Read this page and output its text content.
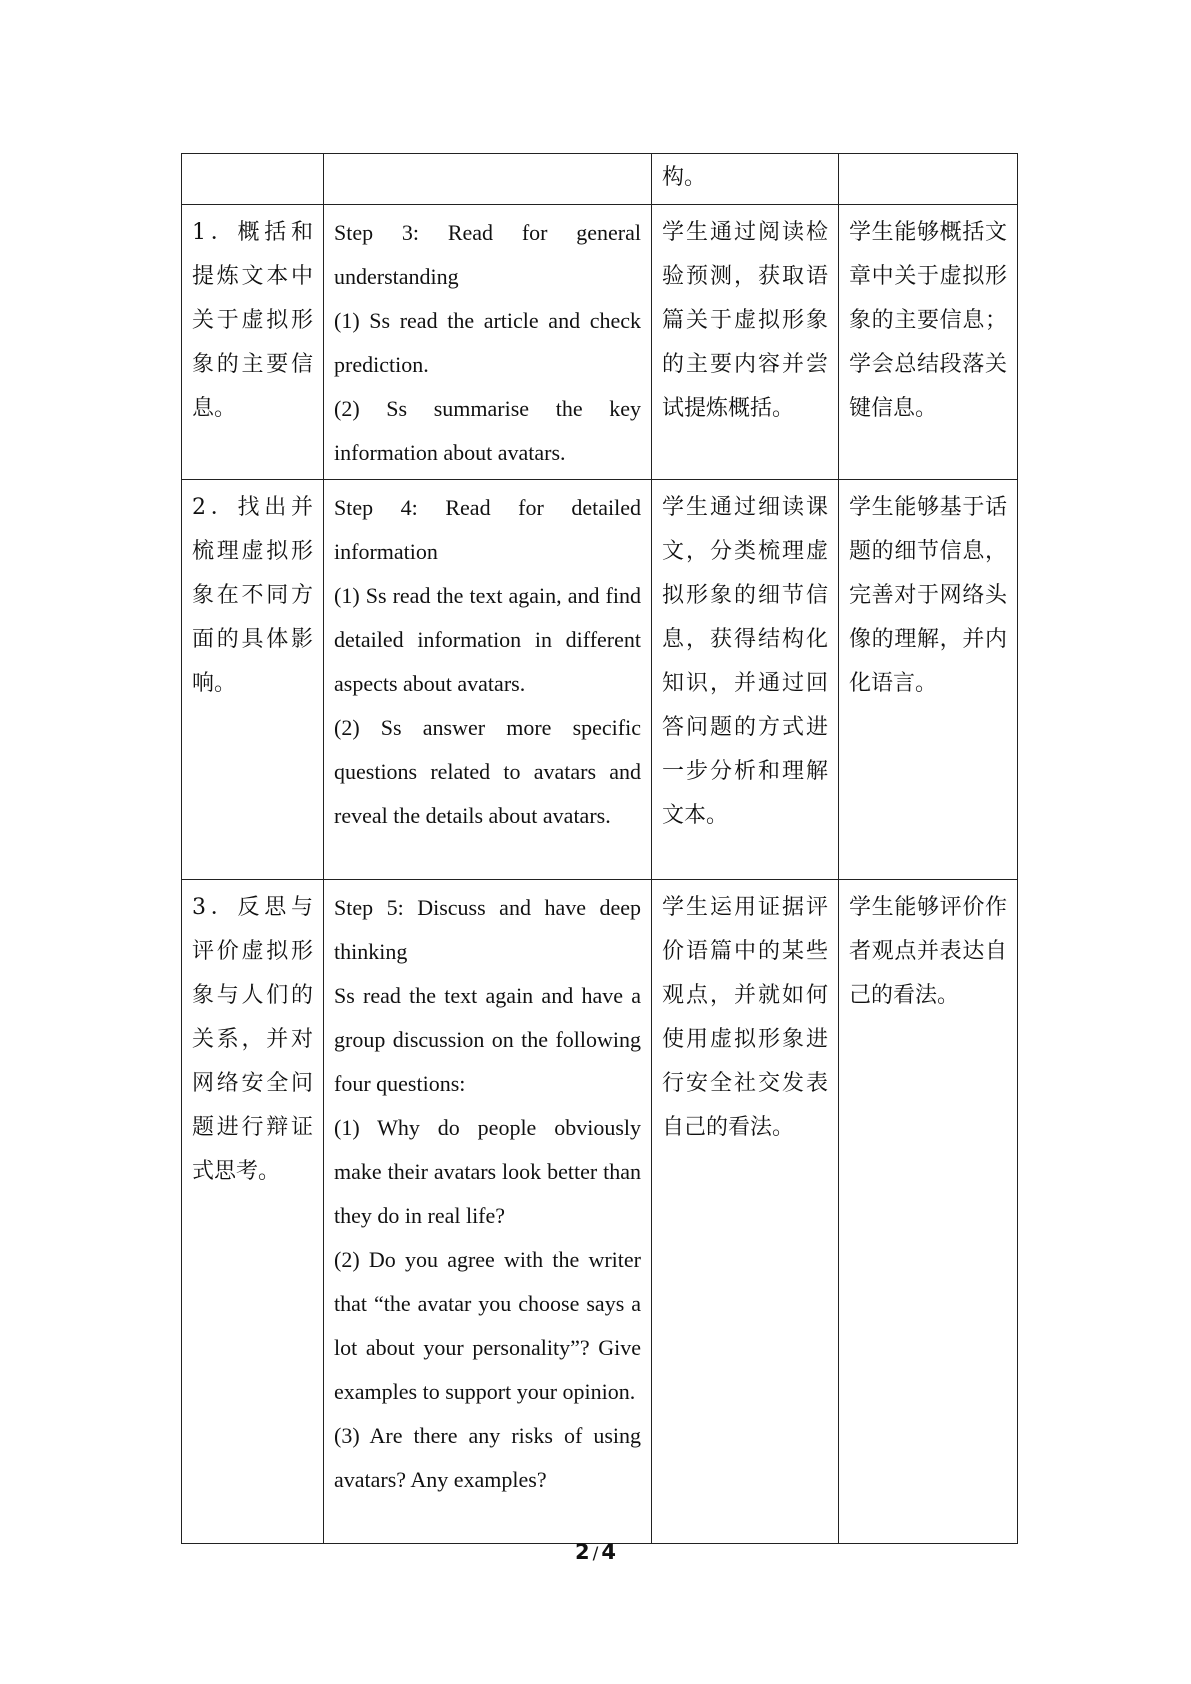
		构。	

1．概括和提炼文本中关于虚拟形象的主要信息。	Step 3: Read for general understanding
(1) Ss read the article and check prediction.
(2) Ss summarise the key information about avatars.	学生通过阅读检验预测，获取语篇关于虚拟形象的主要内容并尝试提炼概括。	学生能够概括文章中关于虚拟形象的主要信息；学会总结段落关键信息。

2．找出并梳理虚拟形象在不同方面的具体影响。	Step 4: Read for detailed information
(1) Ss read the text again, and find detailed information in different aspects about avatars.
(2) Ss answer more specific questions related to avatars and reveal the details about avatars.	学生通过细读课文，分类梳理虚拟形象的细节信息，获得结构化知识，并通过回答问题的方式进一步分析和理解文本。	学生能够基于话题的细节信息，完善对于网络头像的理解，并内化语言。

3．反思与评价虚拟形象与人们的关系，并对网络安全问题进行辩证式思考。	Step 5: Discuss and have deep thinking
Ss read the text again and have a group discussion on the following four questions:
(1) Why do people obviously make their avatars look better than they do in real life?
(2) Do you agree with the writer that “the avatar you choose says a lot about your personality”? Give examples to support your opinion.
(3) Are there any risks of using avatars? Any examples?	学生运用证据评价语篇中的某些观点，并就如何使用虚拟形象进行安全社交发表自己的看法。	学生能够评价作者观点并表达自己的看法。
2 / 4
